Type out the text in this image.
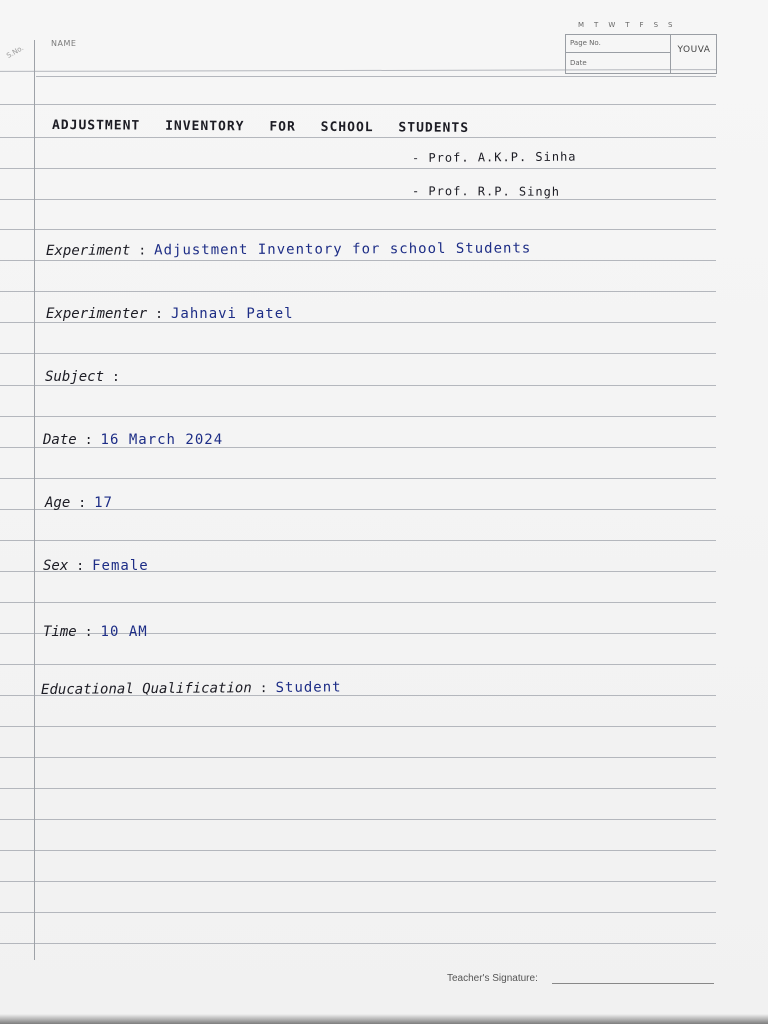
S.No.
NAME
M T W T F S S
Page No.
Date
YOUVA
ADJUSTMENT INVENTORY FOR SCHOOL STUDENTS
- Prof. A.K.P. Sinha
- Prof. R.P. Singh
Experiment : Adjustment Inventory for school Students
Experimenter : Jahnavi Patel
Subject :
Date : 16 March 2024
Age : 17
Sex : Female
Time : 10 AM
Educational Qualification : Student
Teacher's Signature:
